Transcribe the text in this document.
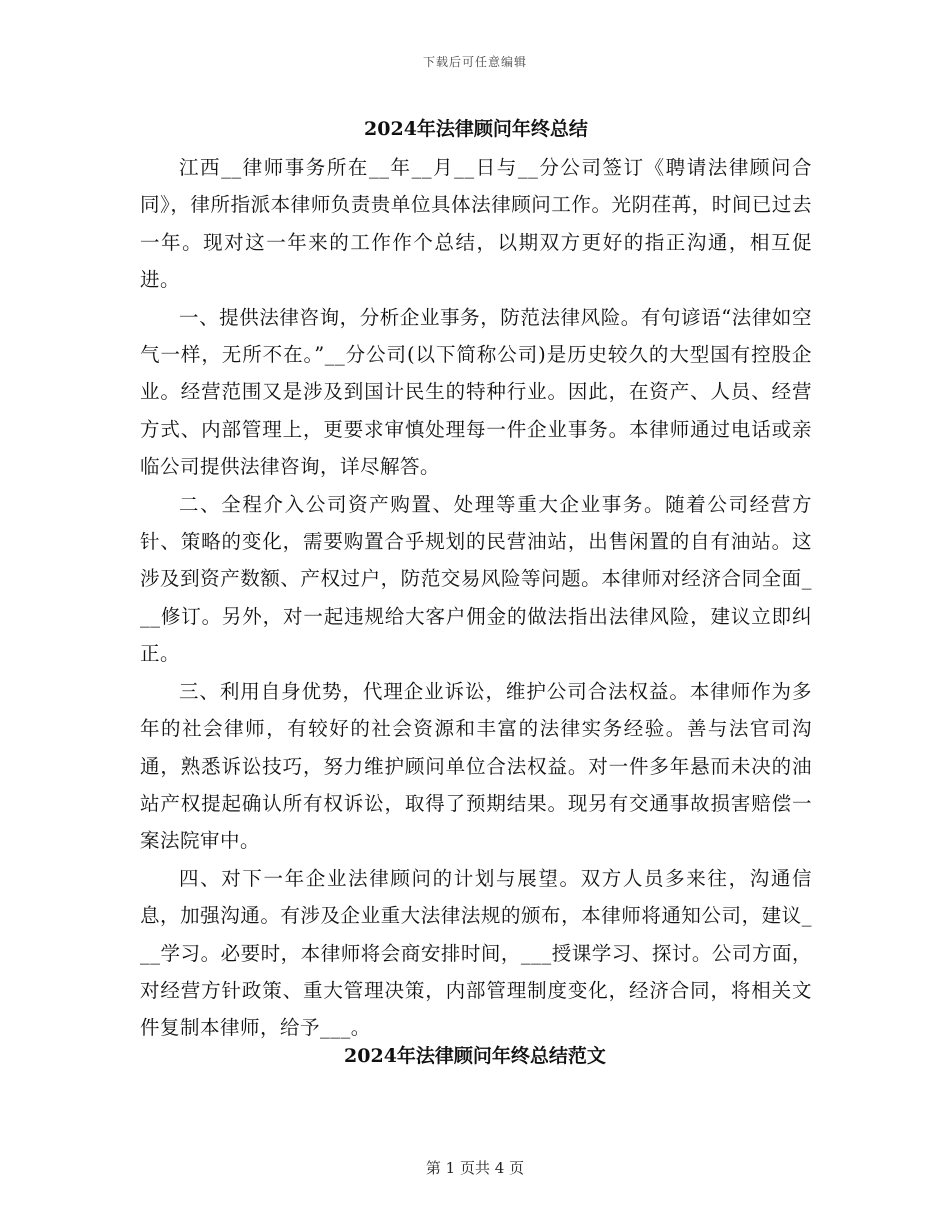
下载后可任意编辑
2024年法律顾问年终总结

江西__律师事务所在__年__月__日与__分公司签订《聘请法律顾问合同》，律所指派本律师负责贵单位具体法律顾问工作。光阴荏苒，时间已过去一年。现对这一年来的工作作个总结，以期双方更好的指正沟通，相互促进。

一、提供法律咨询，分析企业事务，防范法律风险。有句谚语“法律如空气一样，无所不在。”__分公司(以下简称公司)是历史较久的大型国有控股企业。经营范围又是涉及到国计民生的特种行业。因此，在资产、人员、经营方式、内部管理上，更要求审慎处理每一件企业事务。本律师通过电话或亲临公司提供法律咨询，详尽解答。

二、全程介入公司资产购置、处理等重大企业事务。随着公司经营方针、策略的变化，需要购置合乎规划的民营油站，出售闲置的自有油站。这涉及到资产数额、产权过户，防范交易风险等问题。本律师对经济合同全面___修订。另外，对一起违规给大客户佣金的做法指出法律风险，建议立即纠正。

三、利用自身优势，代理企业诉讼，维护公司合法权益。本律师作为多年的社会律师，有较好的社会资源和丰富的法律实务经验。善与法官司沟通，熟悉诉讼技巧，努力维护顾问单位合法权益。对一件多年悬而未决的油站产权提起确认所有权诉讼，取得了预期结果。现另有交通事故损害赔偿一案法院审中。

四、对下一年企业法律顾问的计划与展望。双方人员多来往，沟通信息，加强沟通。有涉及企业重大法律法规的颁布，本律师将通知公司，建议___学习。必要时，本律师将会商安排时间，___授课学习、探讨。公司方面，对经营方针政策、重大管理决策，内部管理制度变化，经济合同，将相关文件复制本律师，给予___。

2024年法律顾问年终总结范文
第 1 页共 4 页
